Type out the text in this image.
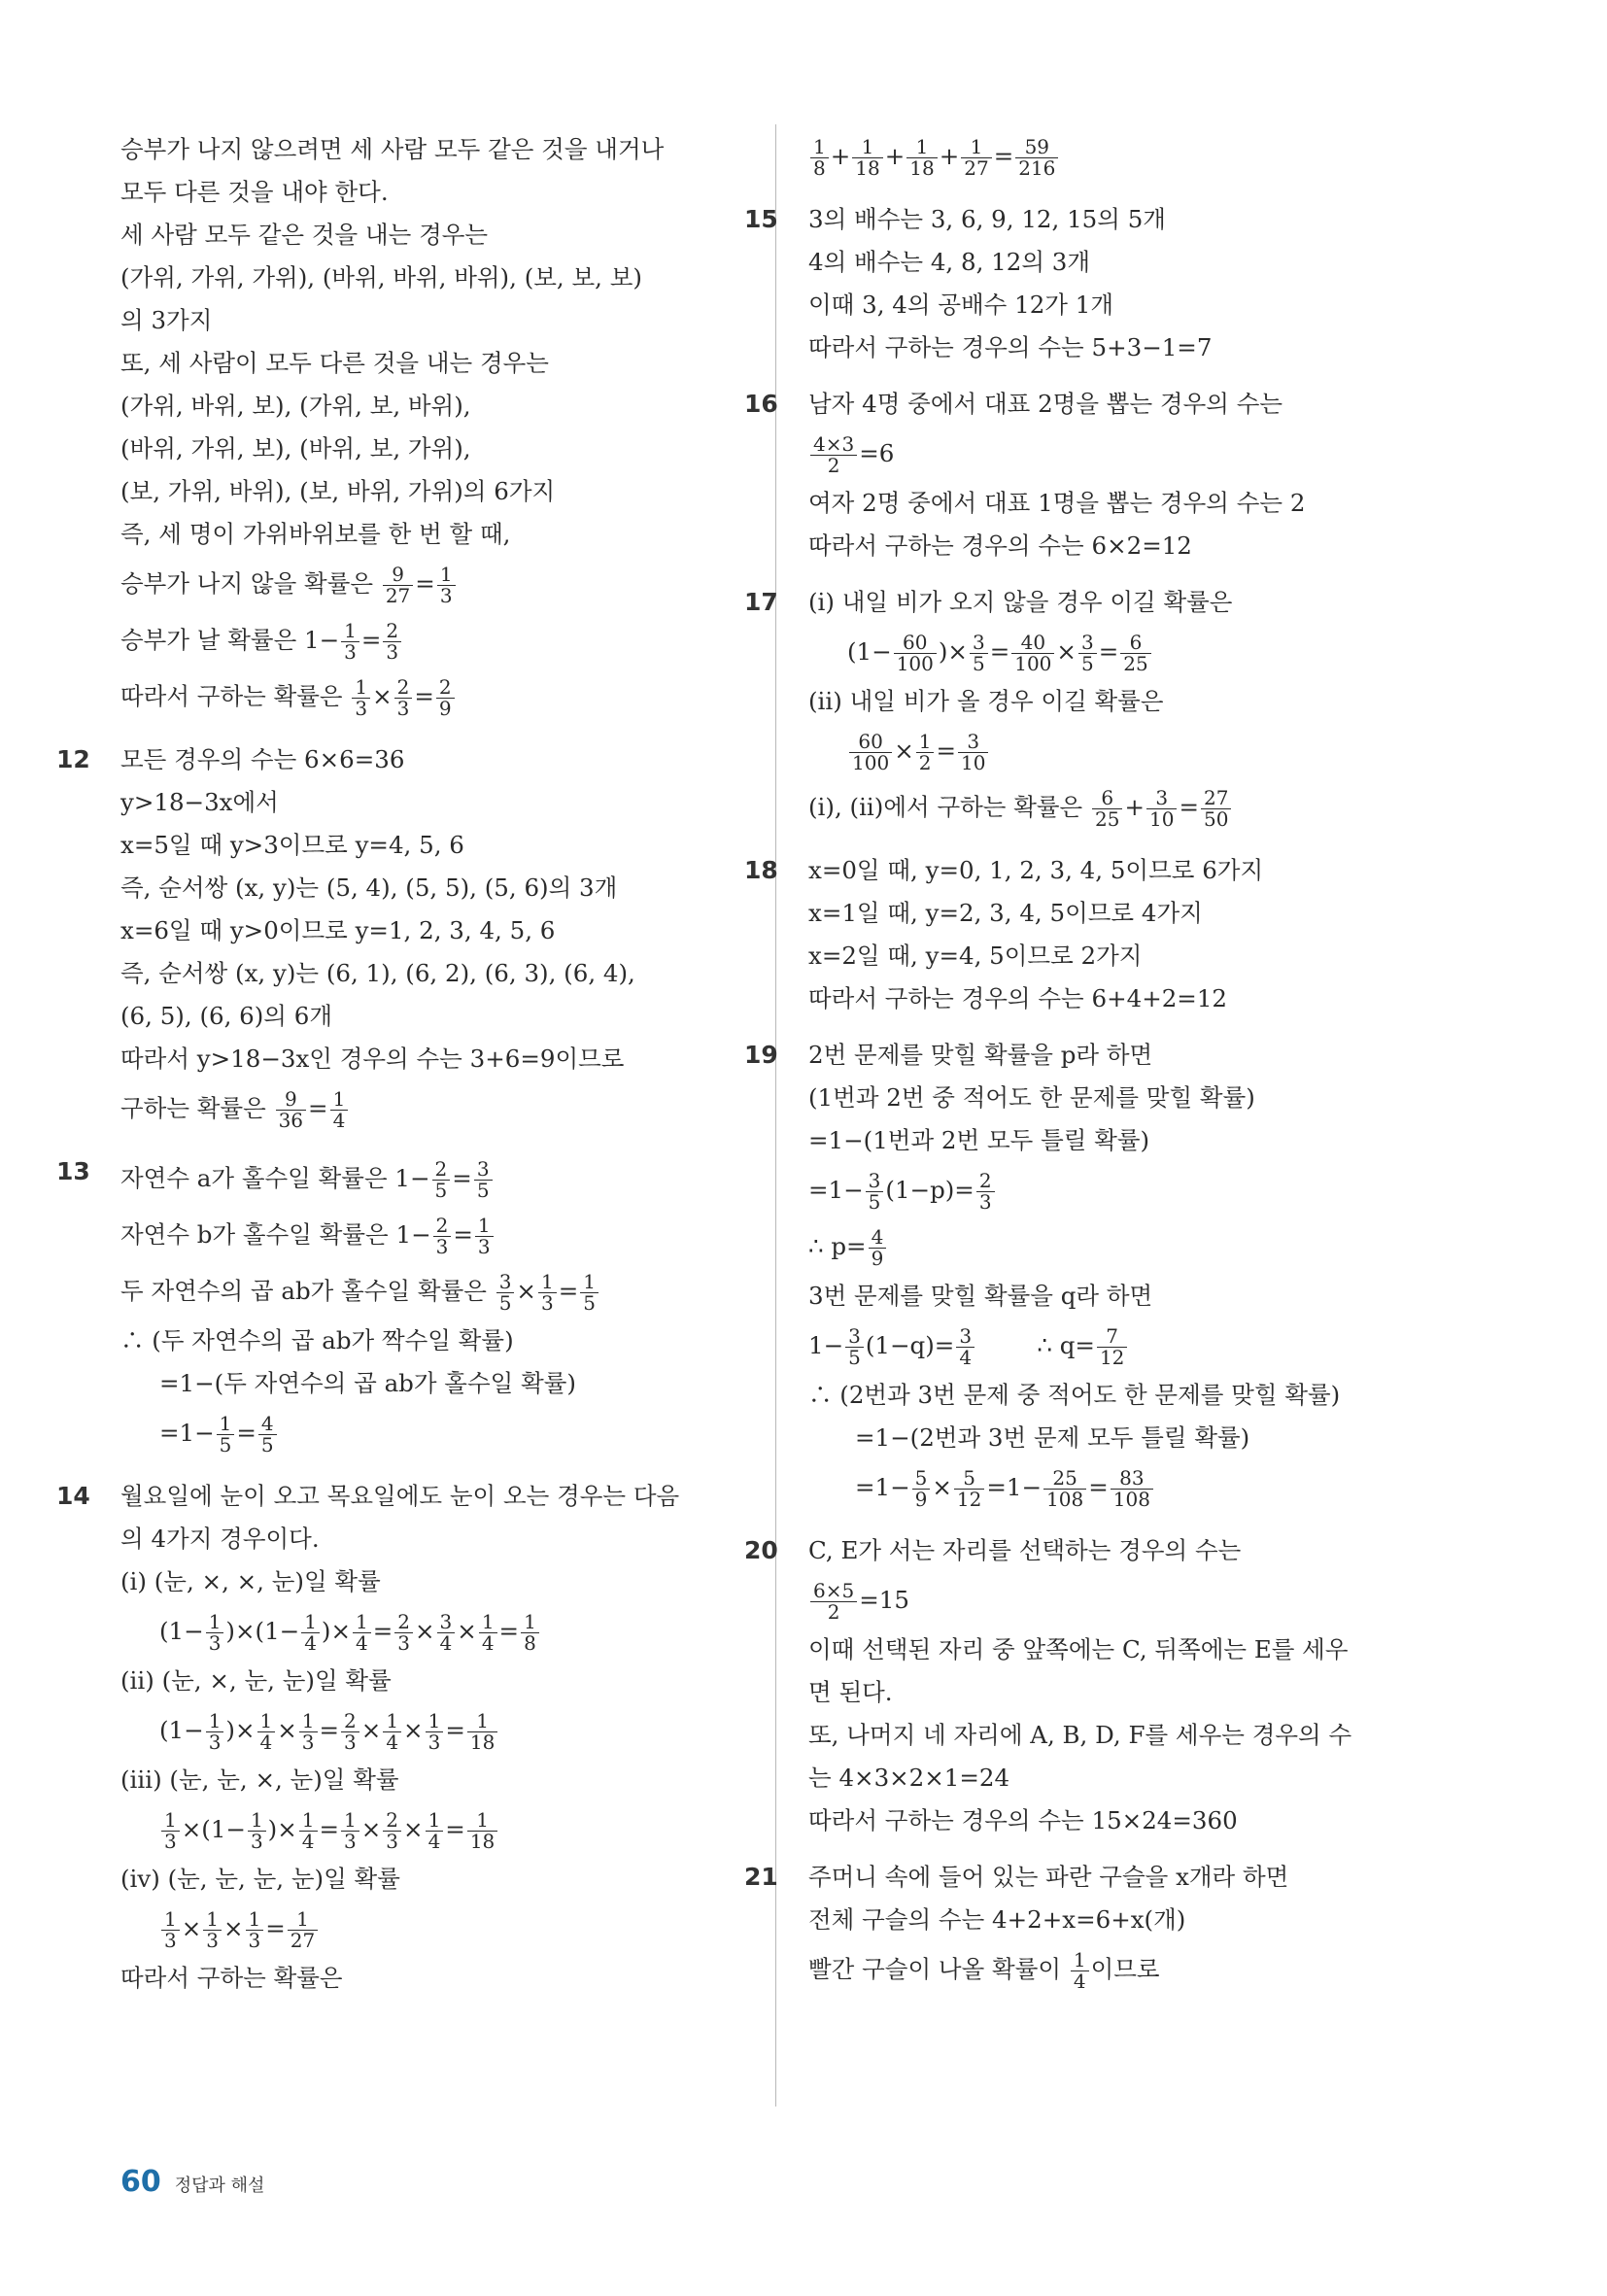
승부가 나지 않으려면 세 사람 모두 같은 것을 내거나
모두 다른 것을 내야 한다.
세 사람 모두 같은 것을 내는 경우는
(가위, 가위, 가위), (바위, 바위, 바위), (보, 보, 보)
의 3가지
또, 세 사람이 모두 다른 것을 내는 경우는
(가위, 바위, 보), (가위, 보, 바위),
(바위, 가위, 보), (바위, 보, 가위),
(보, 가위, 바위), (보, 바위, 가위)의 6가지
즉, 세 명이 가위바위보를 한 번 할 때,
승부가 나지 않을 확률은 $\frac{9}{27} = \frac{1}{3}$
승부가 날 확률은 $1- \frac{1}{3} = \frac{2}{3}$
따라서 구하는 확률은 $\frac{1}{3} \times \frac{2}{3} = \frac{2}{9}$
12 모든 경우의 수는 6×6=36
y>18−3x에서
x=5일 때 y>3이므로 y=4, 5, 6
즉, 순서쌍 (x, y)는 (5, 4), (5, 5), (5, 6)의 3개
x=6일 때 y>0이므로 y=1, 2, 3, 4, 5, 6
즉, 순서쌍 (x, y)는 (6, 1), (6, 2), (6, 3), (6, 4),
(6, 5), (6, 6)의 6개
따라서 y>18−3x인 경우의 수는 3+6=9이므로
구하는 확률은 $\frac{9}{36} = \frac{1}{4}$
13 자연수 a가 홀수일 확률은 $1- \frac{2}{5} = \frac{3}{5}$
자연수 b가 홀수일 확률은 $1- \frac{2}{3} = \frac{1}{3}$
두 자연수의 곱 ab가 홀수일 확률은 $\frac{3}{5} \times \frac{1}{3} = \frac{1}{5}$
∴ (두 자연수의 곱 ab가 짝수일 확률)
=1−(두 자연수의 곱 ab가 홀수일 확률)
$=1- \frac{1}{5} = \frac{4}{5}$
14 월요일에 눈이 오고 목요일에도 눈이 오는 경우는 다음
의 4가지 경우이다.
(i) (눈, ×, ×, 눈)일 확률
$(1- \frac{1}{3} )\times(1- \frac{1}{4}$ )× $\frac{1}{4} = \frac{2}{3} \times \frac{3}{4} \times \frac{1}{4} = \frac{1}{8}$
(ii) (눈, ×, 눈, 눈)일 확률
($1- \frac{1}{3}$ )× $\frac{1}{4} \times \frac{1}{3} = \frac{2}{3} \times \frac{1}{4} \times \frac{1}{3} = \frac{1}{18}$
(iii) (눈, 눈, ×, 눈)일 확률
$\frac{1}{3} \times(1- \frac{1}{3}$ )× $\frac{1}{4} = \frac{1}{3} \times \frac{2}{3} \times \frac{1}{4} = \frac{1}{18}$
(iv) (눈, 눈, 눈, 눈)일 확률
$\frac{1}{3} \times \frac{1}{3} \times \frac{1}{3} = \frac{1}{27}$
따라서 구하는 확률은
$\frac{1}{8} + \frac{1}{18} + \frac{1}{18} + \frac{1}{27} = \frac{59}{216}$
15 3의 배수는 3, 6, 9, 12, 15의 5개
4의 배수는 4, 8, 12의 3개
이때 3, 4의 공배수 12가 1개
따라서 구하는 경우의 수는 5+3−1=7
16 남자 4명 중에서 대표 2명을 뽑는 경우의 수는
$\frac{4\times 3}{2} =6$
여자 2명 중에서 대표 1명을 뽑는 경우의 수는 2
따라서 구하는 경우의 수는 6×2=12
17 (i) 내일 비가 오지 않을 경우 이길 확률은
($1- \frac{60}{100}$ )× $\frac{3}{5} = \frac{40}{100} \times \frac{3}{5} = \frac{6}{25}$
(ii) 내일 비가 올 경우 이길 확률은
$\frac{60}{100} \times \frac{1}{2} = \frac{3}{10}$
(i), (ii)에서 구하는 확률은 $\frac{6}{25} + \frac{3}{10} = \frac{27}{50}$
18 x=0일 때, y=0, 1, 2, 3, 4, 5이므로 6가지
x=1일 때, y=2, 3, 4, 5이므로 4가지
x=2일 때, y=4, 5이므로 2가지
따라서 구하는 경우의 수는 6+4+2=12
19 2번 문제를 맞힐 확률을 p라 하면
(1번과 2번 중 적어도 한 문제를 맞힐 확률)
=1−(1번과 2번 모두 틀릴 확률)
$=1- \frac{3}{5} (1-p)= \frac{2}{3}$
∴ $p= \frac{4}{9}$
3번 문제를 맞힐 확률을 q라 하면
$1- \frac{3}{5} (1-q)= \frac{3}{4}$ ∴ $q= \frac{7}{12}$
∴ (2번과 3번 문제 중 적어도 한 문제를 맞힐 확률)
=1−(2번과 3번 문제 모두 틀릴 확률)
$=1- \frac{5}{9} \times \frac{5}{12} =1- \frac{25}{108} = \frac{83}{108}$
20 C, E가 서는 자리를 선택하는 경우의 수는
$\frac{6\times 5}{2} =15$
이때 선택된 자리 중 앞쪽에는 C, 뒤쪽에는 E를 세우
면 된다.
또, 나머지 네 자리에 A, B, D, F를 세우는 경우의 수
는 4×3×2×1=24
따라서 구하는 경우의 수는 15×24=360
21 주머니 속에 들어 있는 파란 구슬을 x개라 하면
전체 구슬의 수는 4+2+x=6+x(개)
빨간 구슬이 나올 확률이 $\frac{1}{4}$ 이므로
60 정답과 해설
